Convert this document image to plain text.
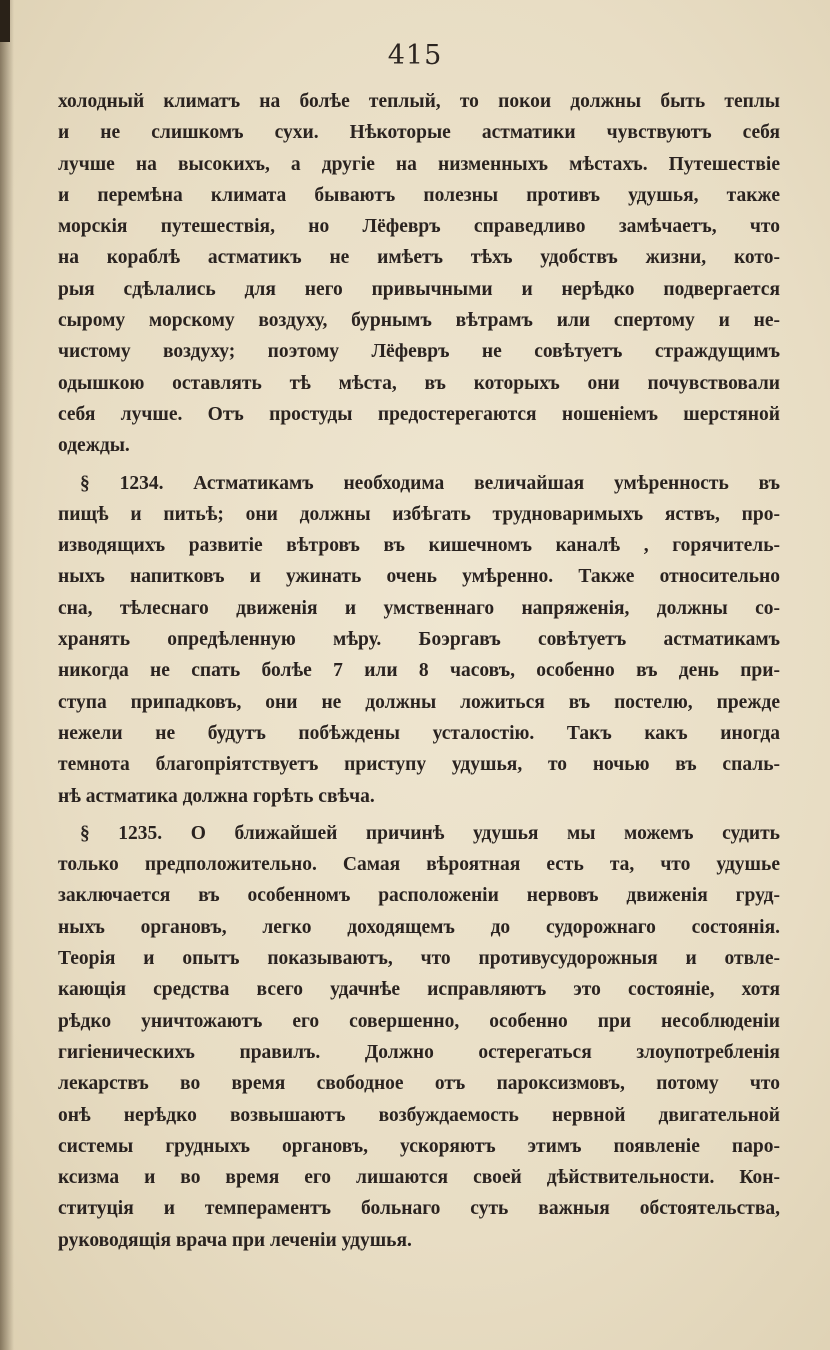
415
холодный климатъ на болѣе теплый, то покои должны быть теплы
и не слишкомъ сухи. Нѣкоторые астматики чувствуютъ себя
лучше на высокихъ, а другіе на низменныхъ мѣстахъ. Путешествіе
и перемѣна климата бываютъ полезны противъ удушья, также
морскія путешествія, но Лёфевръ справедливо замѣчаетъ, что
на кораблѣ астматикъ не имѣетъ тѣхъ удобствъ жизни, кото-
рыя сдѣлались для него привычными и нерѣдко подвергается
сырому морскому воздуху, бурнымъ вѣтрамъ или спертому и не-
чистому воздуху; поэтому Лёфевръ не совѣтуетъ страждущимъ
одышкою оставлять тѣ мѣста, въ которыхъ они почувствовали
себя лучше. Отъ простуды предостерегаются ношеніемъ шерстяной
одежды.
§ 1234. Астматикамъ необходима величайшая умѣренность въ
пищѣ и питьѣ; они должны избѣгать трудноваримыхъ яствъ, про-
изводящихъ развитіе вѣтровъ въ кишечномъ каналѣ , горячитель-
ныхъ напитковъ и ужинать очень умѣренно. Также относительно
сна, тѣлеснаго движенія и умственнаго напряженія, должны со-
хранять опредѣленную мѣру. Боэргавъ совѣтуетъ астматикамъ
никогда не спать болѣе 7 или 8 часовъ, особенно въ день при-
ступа припадковъ, они не должны ложиться въ постелю, прежде
нежели не будутъ побѣждены усталостію. Такъ какъ иногда
темнота благопріятствуетъ приступу удушья, то ночью въ спаль-
нѣ астматика должна горѣть свѣча.
§ 1235. О ближайшей причинѣ удушья мы можемъ судить
только предположительно. Самая вѣроятная есть та, что удушье
заключается въ особенномъ расположеніи нервовъ движенія груд-
ныхъ органовъ, легко доходящемъ до судорожнаго состоянія.
Теорія и опытъ показываютъ, что противусудорожныя и отвле-
кающія средства всего удачнѣе исправляютъ это состояніе, хотя
рѣдко уничтожаютъ его совершенно, особенно при несоблюденіи
гигіеническихъ правилъ. Должно остерегаться злоупотребленія
лекарствъ во время свободное отъ пароксизмовъ, потому что
онѣ нерѣдко возвышаютъ возбуждаемость нервной двигательной
системы грудныхъ органовъ, ускоряютъ этимъ появленіе паро-
ксизма и во время его лишаются своей дѣйствительности. Кон-
ституція и темпераментъ больнаго суть важныя обстоятельства,
руководящія врача при леченіи удушья.
